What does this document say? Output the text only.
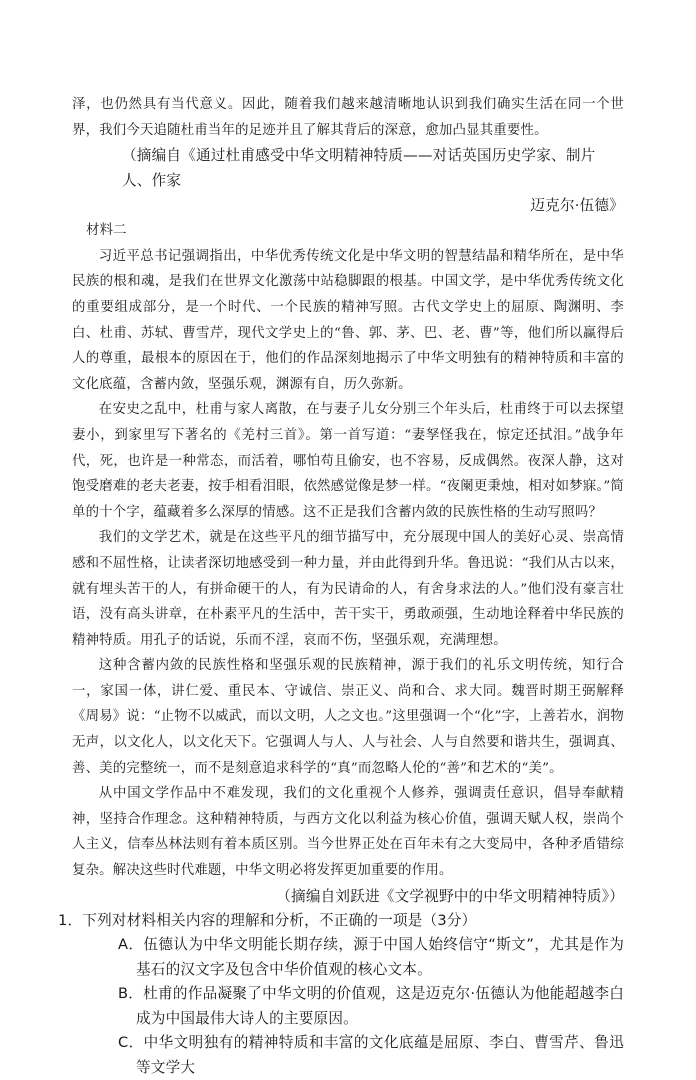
泽，也仍然具有当代意义。因此，随着我们越来越清晰地认识到我们确实生活在同一个世界，我们今天追随杜甫当年的足迹并且了解其背后的深意，愈加凸显其重要性。

（摘编自《通过杜甫感受中华文明精神特质——对话英国历史学家、制片人、作家

迈克尔·伍德》

材料二

习近平总书记强调指出，中华优秀传统文化是中华文明的智慧结晶和精华所在，是中华民族的根和魂，是我们在世界文化激荡中站稳脚跟的根基。中国文学，是中华优秀传统文化的重要组成部分，是一个时代、一个民族的精神写照。古代文学史上的屈原、陶渊明、李白、杜甫、苏轼、曹雪芹，现代文学史上的“鲁、郭、茅、巴、老、曹”等，他们所以赢得后人的尊重，最根本的原因在于，他们的作品深刻地揭示了中华文明独有的精神特质和丰富的文化底蕴，含蓄内敛，坚强乐观，渊源有自，历久弥新。

在安史之乱中，杜甫与家人离散，在与妻子儿女分别三个年头后，杜甫终于可以去探望妻小，到家里写下著名的《羌村三首》。第一首写道：“妻孥怪我在，惊定还拭泪。”战争年代，死，也许是一种常态，而活着，哪怕苟且偷安，也不容易，反成偶然。夜深人静，这对饱受磨难的老夫老妻，按手相看泪眼，依然感觉像是梦一样。“夜阑更秉烛，相对如梦寐。”简单的十个字，蕴藏着多么深厚的情感。这不正是我们含蓄内敛的民族性格的生动写照吗？

我们的文学艺术，就是在这些平凡的细节描写中，充分展现中国人的美好心灵、崇高情感和不屈性格，让读者深切地感受到一种力量，并由此得到升华。鲁迅说：“我们从古以来，就有埋头苦干的人，有拼命硬干的人，有为民请命的人，有舍身求法的人。”他们没有豪言壮语，没有高头讲章，在朴素平凡的生活中，苦干实干，勇敢顽强，生动地诠释着中华民族的精神特质。用孔子的话说，乐而不淫，哀而不伤，坚强乐观，充满理想。

这种含蓄内敛的民族性格和坚强乐观的民族精神，源于我们的礼乐文明传统，知行合一，家国一体，讲仁爱、重民本、守诚信、崇正义、尚和合、求大同。魏晋时期王弼解释《周易》说：“止物不以威武，而以文明，人之文也。”这里强调一个“化”字，上善若水，润物无声，以文化人，以文化天下。它强调人与人、人与社会、人与自然要和谐共生，强调真、善、美的完整统一，而不是刻意追求科学的“真”而忽略人伦的“善”和艺术的“美”。

从中国文学作品中不难发现，我们的文化重视个人修养，强调责任意识，倡导奉献精神，坚持合作理念。这种精神特质，与西方文化以利益为核心价值，强调天赋人权，崇尚个人主义，信奉丛林法则有着本质区别。当今世界正处在百年未有之大变局中，各种矛盾错综复杂。解决这些时代难题，中华文明必将发挥更加重要的作用。

（摘编自刘跃进《文学视野中的中华文明精神特质》）

1．下列对材料相关内容的理解和分析，不正确的一项是（3分）

A．伍德认为中华文明能长期存续，源于中国人始终信守“斯文”，尤其是作为基石的汉文字及包含中华价值观的核心文本。

B．杜甫的作品凝聚了中华文明的价值观，这是迈克尔·伍德认为他能超越李白成为中国最伟大诗人的主要原因。

C．中华文明独有的精神特质和丰富的文化底蕴是屈原、李白、曹雪芹、鲁迅等文学大
